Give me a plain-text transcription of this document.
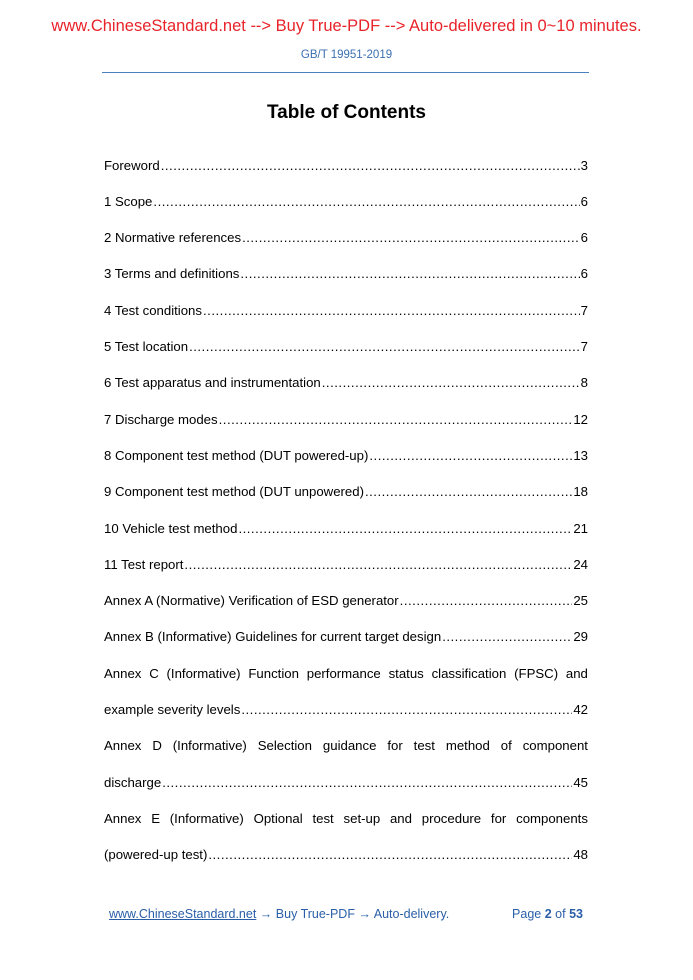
www.ChineseStandard.net --> Buy True-PDF --> Auto-delivered in 0~10 minutes.
GB/T 19951-2019
Table of Contents
Foreword .....	3
1 Scope .....	6
2 Normative references .....	6
3 Terms and definitions .....	6
4 Test conditions .....	7
5 Test location .....	7
6 Test apparatus and instrumentation .....	8
7 Discharge modes .....	12
8 Component test method (DUT powered-up) .....	13
9 Component test method (DUT unpowered) .....	18
10 Vehicle test method .....	21
11 Test report .....	24
Annex A (Normative) Verification of ESD generator .....	25
Annex B (Informative) Guidelines for current target design .....	29
Annex C (Informative) Function performance status classification (FPSC) and
example severity levels .....	42
Annex D (Informative) Selection guidance for test method of component
discharge .....	45
Annex E (Informative) Optional test set-up and procedure for components
(powered-up test) .....	48
www.ChineseStandard.net → Buy True-PDF → Auto-delivery.	Page 2 of 53
